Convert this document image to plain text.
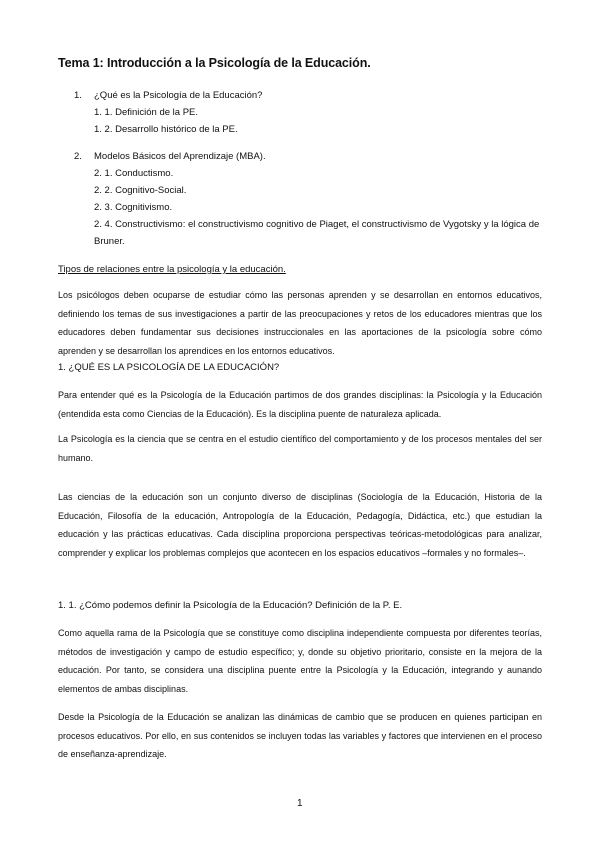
Tema 1: Introducción a la Psicología de la Educación.
1. ¿Qué es la Psicología de la Educación?
1. 1. Definición de la PE.
1. 2. Desarrollo histórico de la PE.
2. Modelos Básicos del Aprendizaje (MBA).
2. 1. Conductismo.
2. 2. Cognitivo-Social.
2. 3. Cognitivismo.
2. 4. Constructivismo: el constructivismo cognitivo de Piaget, el constructivismo de Vygotsky y la lógica de Bruner.
Tipos de relaciones entre la psicología y la educación.

Los psicólogos deben ocuparse de estudiar cómo las personas aprenden y se desarrollan en entornos educativos, definiendo los temas de sus investigaciones a partir de las preocupaciones y retos de los educadores mientras que los educadores deben fundamentar sus decisiones instruccionales en las aportaciones de la psicología sobre cómo aprenden y se desarrollan los aprendices en los entornos educativos.

1. ¿QUÉ ES LA PSICOLOGÍA DE LA EDUCACIÓN?

Para entender qué es la Psicología de la Educación partimos de dos grandes disciplinas: la Psicología y la Educación (entendida esta como Ciencias de la Educación). Es la disciplina puente de naturaleza aplicada.

La Psicología es la ciencia que se centra en el estudio científico del comportamiento y de los procesos mentales del ser humano.

Las ciencias de la educación son un conjunto diverso de disciplinas (Sociología de la Educación, Historia de la Educación, Filosofía de la educación, Antropología de la Educación, Pedagogía, Didáctica, etc.) que estudian la educación y las prácticas educativas. Cada disciplina proporciona perspectivas teóricas-metodológicas para analizar, comprender y explicar los problemas complejos que acontecen en los espacios educativos –formales y no formales–.

1. 1. ¿Cómo podemos definir la Psicología de la Educación? Definición de la P. E.

Como aquella rama de la Psicología que se constituye como disciplina independiente compuesta por diferentes teorías, métodos de investigación y campo de estudio específico; y, donde su objetivo prioritario, consiste en la mejora de la educación. Por tanto, se considera una disciplina puente entre la Psicología y la Educación, integrando y aunando elementos de ambas disciplinas.

Desde la Psicología de la Educación se analizan las dinámicas de cambio que se producen en quienes participan en procesos educativos. Por ello, en sus contenidos se incluyen todas las variables y factores que intervienen en el proceso de enseñanza-aprendizaje.

1
